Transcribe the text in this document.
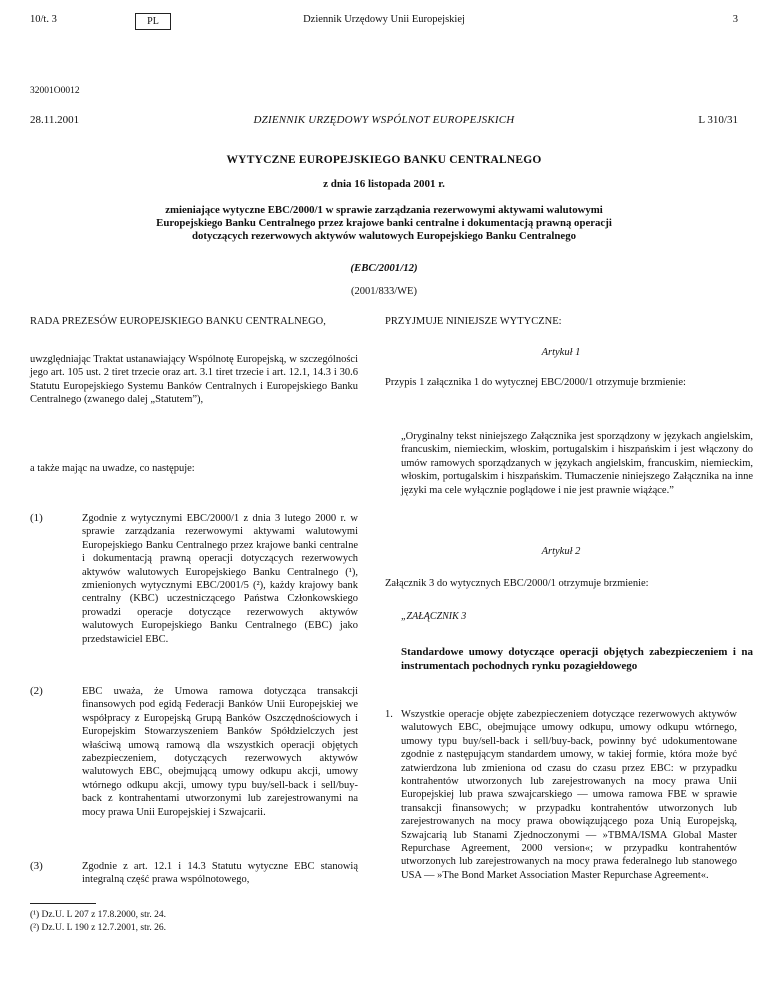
10/t. 3	PL	Dziennik Urzędowy Unii Europejskiej	3
32001O0012
28.11.2001	DZIENNIK URZĘDOWY WSPÓLNOT EUROPEJSKICH	L 310/31
WYTYCZNE EUROPEJSKIEGO BANKU CENTRALNEGO
z dnia 16 listopada 2001 r.
zmieniające wytyczne EBC/2000/1 w sprawie zarządzania rezerwowymi aktywami walutowymi
Europejskiego Banku Centralnego przez krajowe banki centralne i dokumentacją prawną operacji
dotyczących rezerwowych aktywów walutowych Europejskiego Banku Centralnego
(EBC/2001/12)
(2001/833/WE)
RADA PREZESÓW EUROPEJSKIEGO BANKU CENTRALNEGO,
uwzględniając Traktat ustanawiający Wspólnotę Europejską, w szczególności jego art. 105 ust. 2 tiret trzecie oraz art. 3.1 tiret trzecie i art. 12.1, 14.3 i 30.6 Statutu Europejskiego Systemu Banków Centralnych i Europejskiego Banku Centralnego (zwanego dalej „Statutem”),
a także mając na uwadze, co następuje:
(1)	Zgodnie z wytycznymi EBC/2000/1 z dnia 3 lutego 2000 r. w sprawie zarządzania rezerwowymi aktywami walutowymi Europejskiego Banku Centralnego przez krajowe banki centralne i dokumentacją prawną operacji dotyczących rezerwowych aktywów walutowych Europejskiego Banku Centralnego (¹), zmienionych wytycznymi EBC/2001/5 (²), każdy krajowy bank centralny (KBC) uczestniczącego Państwa Członkowskiego prowadzi operacje dotyczące rezerwowych aktywów walutowych Europejskiego Banku Centralnego (EBC) jako przedstawiciel EBC.
(2)	EBC uważa, że Umowa ramowa dotycząca transakcji finansowych pod egidą Federacji Banków Unii Europejskiej we współpracy z Europejską Grupą Banków Oszczędnościowych i Europejskim Stowarzyszeniem Banków Spółdzielczych jest właściwą umową ramową dla wszystkich operacji objętych zabezpieczeniem, dotyczących rezerwowych aktywów walutowych EBC, obejmującą umowy odkupu akcji, umowy wtórnego odkupu akcji, umowy typu buy/sell-back i sell/buy-back z kontrahentami utworzonymi lub zarejestrowanymi na mocy prawa Unii Europejskiej i Szwajcarii.
(3)	Zgodnie z art. 12.1 i 14.3 Statutu wytyczne EBC stanowią integralną część prawa wspólnotowego,
(¹) Dz.U. L 207 z 17.8.2000, str. 24.
(²) Dz.U. L 190 z 12.7.2001, str. 26.
PRZYJMUJE NINIEJSZE WYTYCZNE:
Artykuł 1
Przypis 1 załącznika 1 do wytycznej EBC/2000/1 otrzymuje brzmienie:
„Oryginalny tekst niniejszego Załącznika jest sporządzony w językach angielskim, francuskim, niemieckim, włoskim, portugalskim i hiszpańskim i jest włączony do umów ramowych sporządzanych w językach angielskim, francuskim, niemieckim, włoskim, portugalskim i hiszpańskim. Tłumaczenie niniejszego Załącznika na inne języki ma cele wyłącznie poglądowe i nie jest prawnie wiążące.”
Artykuł 2
Załącznik 3 do wytycznych EBC/2000/1 otrzymuje brzmienie:
„ZAŁĄCZNIK 3
Standardowe umowy dotyczące operacji objętych zabezpieczeniem i na instrumentach pochodnych rynku pozagiełdowego
1. Wszystkie operacje objęte zabezpieczeniem dotyczące rezerwowych aktywów walutowych EBC, obejmujące umowy odkupu, umowy odkupu wtórnego, umowy typu buy/sell-back i sell/buy-back, powinny być udokumentowane zgodnie z następującym standardem umowy, w takiej formie, która może być zatwierdzona lub zmieniona od czasu do czasu przez EBC: w przypadku kontrahentów utworzonych lub zarejestrowanych na mocy prawa Unii Europejskiej lub prawa szwajcarskiego — umowa ramowa FBE w sprawie transakcji finansowych; w przypadku kontrahentów utworzonych lub zarejestrowanych na mocy prawa obowiązującego poza Unią Europejską, Szwajcarią lub Stanami Zjednoczonymi — »TBMA/ISMA Global Master Repurchase Agreement, 2000 version«; w przypadku kontrahentów utworzonych lub zarejestrowanych na mocy prawa federalnego lub stanowego USA — »The Bond Market Association Master Repurchase Agreement«.
